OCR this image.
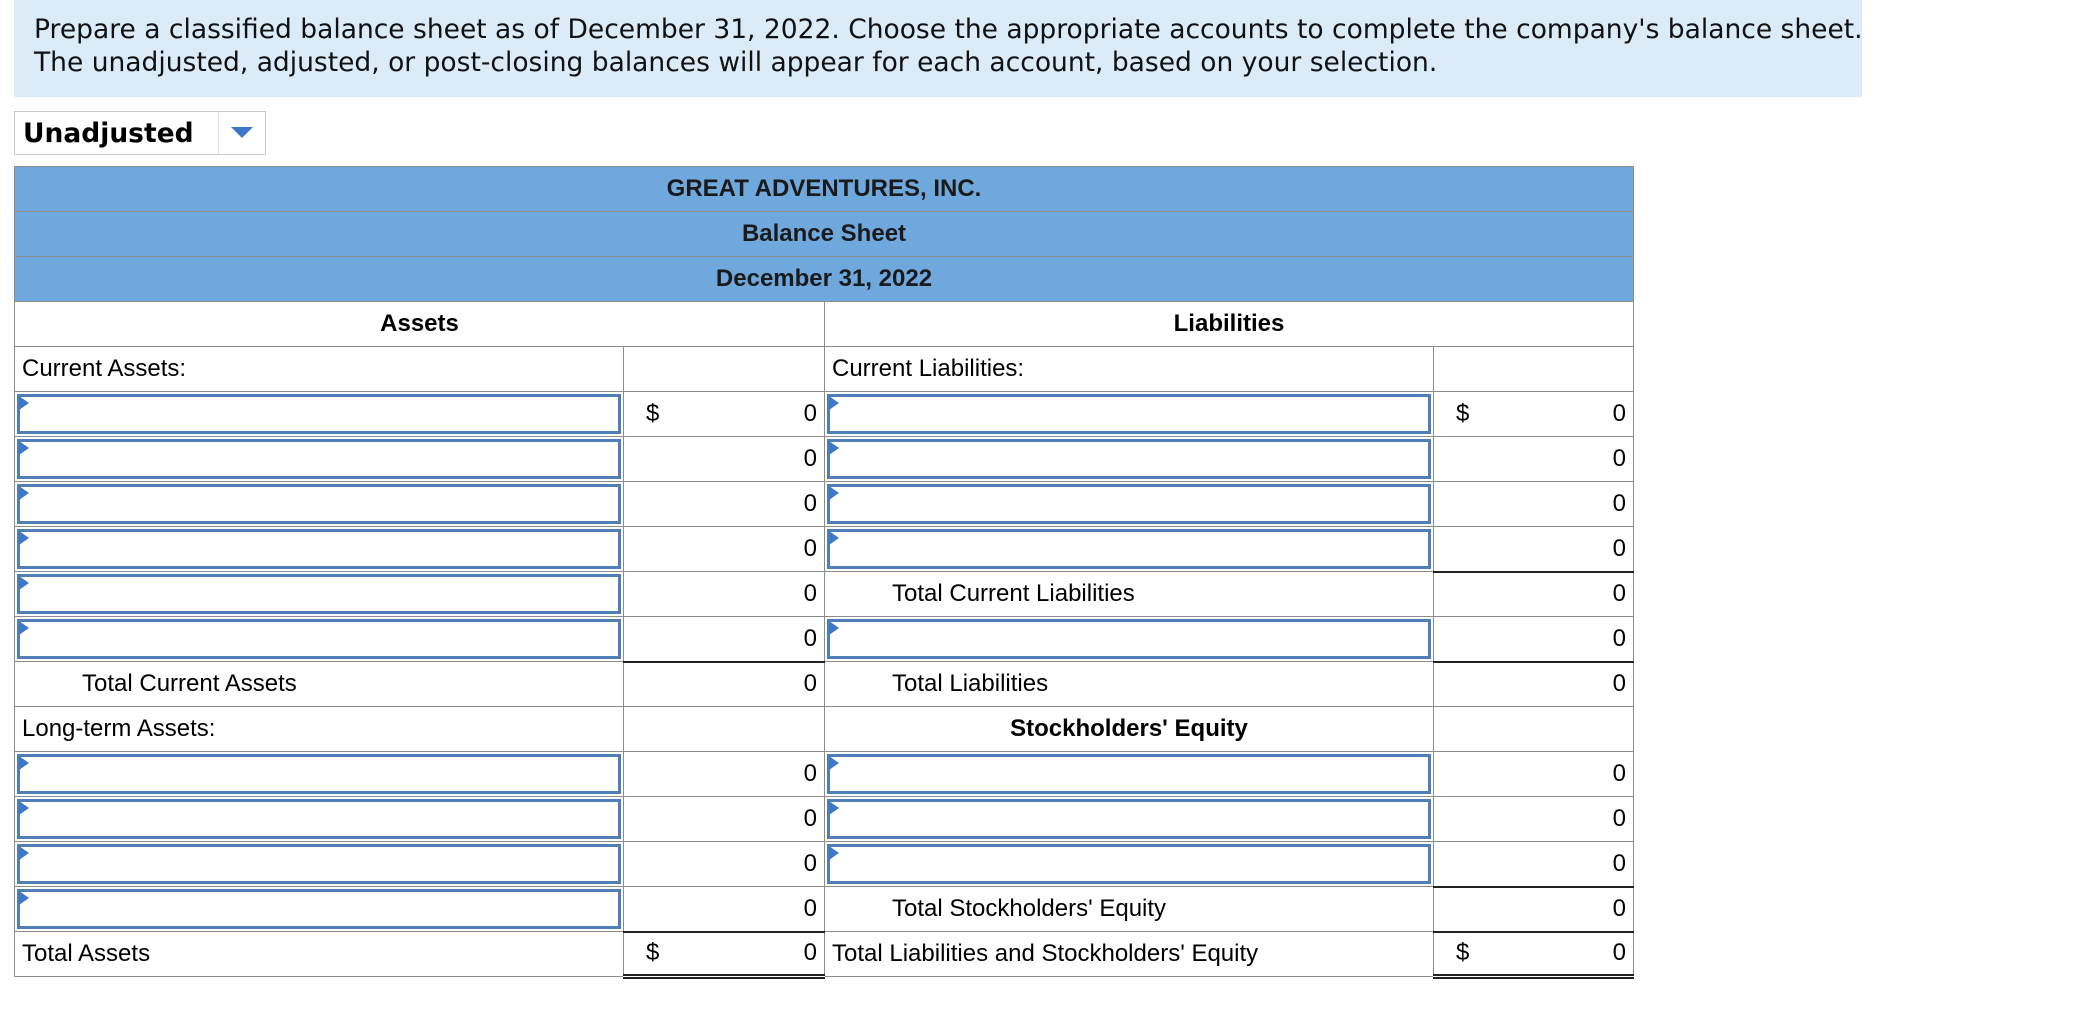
Prepare a classified balance sheet as of December 31, 2022. Choose the appropriate accounts to complete the company's balance sheet.
The unadjusted, adjusted, or post-closing balances will appear for each account, based on your selection.
Unadjusted
GREAT ADVENTURES, INC.			
Balance Sheet			
December 31, 2022			
Assets		Liabilities	
Current Assets:		Current Liabilities:	

	$ 0		$ 0

	0		0

	0		0

	0		0

	0	Total Current Liabilities	0

	0		0

Total Current Assets	0	Total Liabilities	0

Long-term Assets:		Stockholders' Equity	

	0		0

	0		0

	0		0

	0	Total Stockholders' Equity	0

Total Assets	$ 0	Total Liabilities and Stockholders' Equity	$ 0
